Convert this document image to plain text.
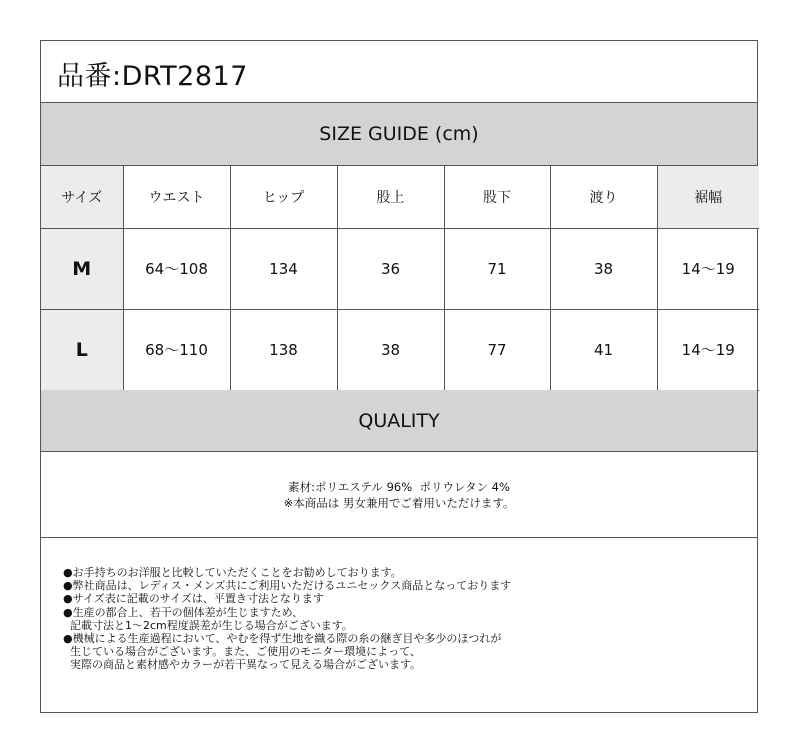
品番:DRT2817
SIZE GUIDE (cm)
サイズ	ウエスト	ヒップ	股上	股下	渡り	裾幅
M	64〜108	134	36	71	38	14〜19
L	68〜110	138	38	77	41	14〜19
QUALITY
素材:ポリエステル 96%  ポリウレタン 4%
※本商品は 男女兼用でご着用いただけます。
●お手持ちのお洋服と比較していただくことをお勧めしております。
●弊社商品は、レディス・メンズ共にご利用いただけるユニセックス商品となっております
●サイズ表に記載のサイズは、平置き寸法となります
●生産の都合上、若干の個体差が生じますため、
記載寸法と1〜2cm程度誤差が生じる場合がございます。
●機械による生産過程において、やむを得ず生地を織る際の糸の継ぎ目や多少のほつれが
生じている場合がございます。また、ご使用のモニター環境によって、
実際の商品と素材感やカラーが若干異なって見える場合がございます。
